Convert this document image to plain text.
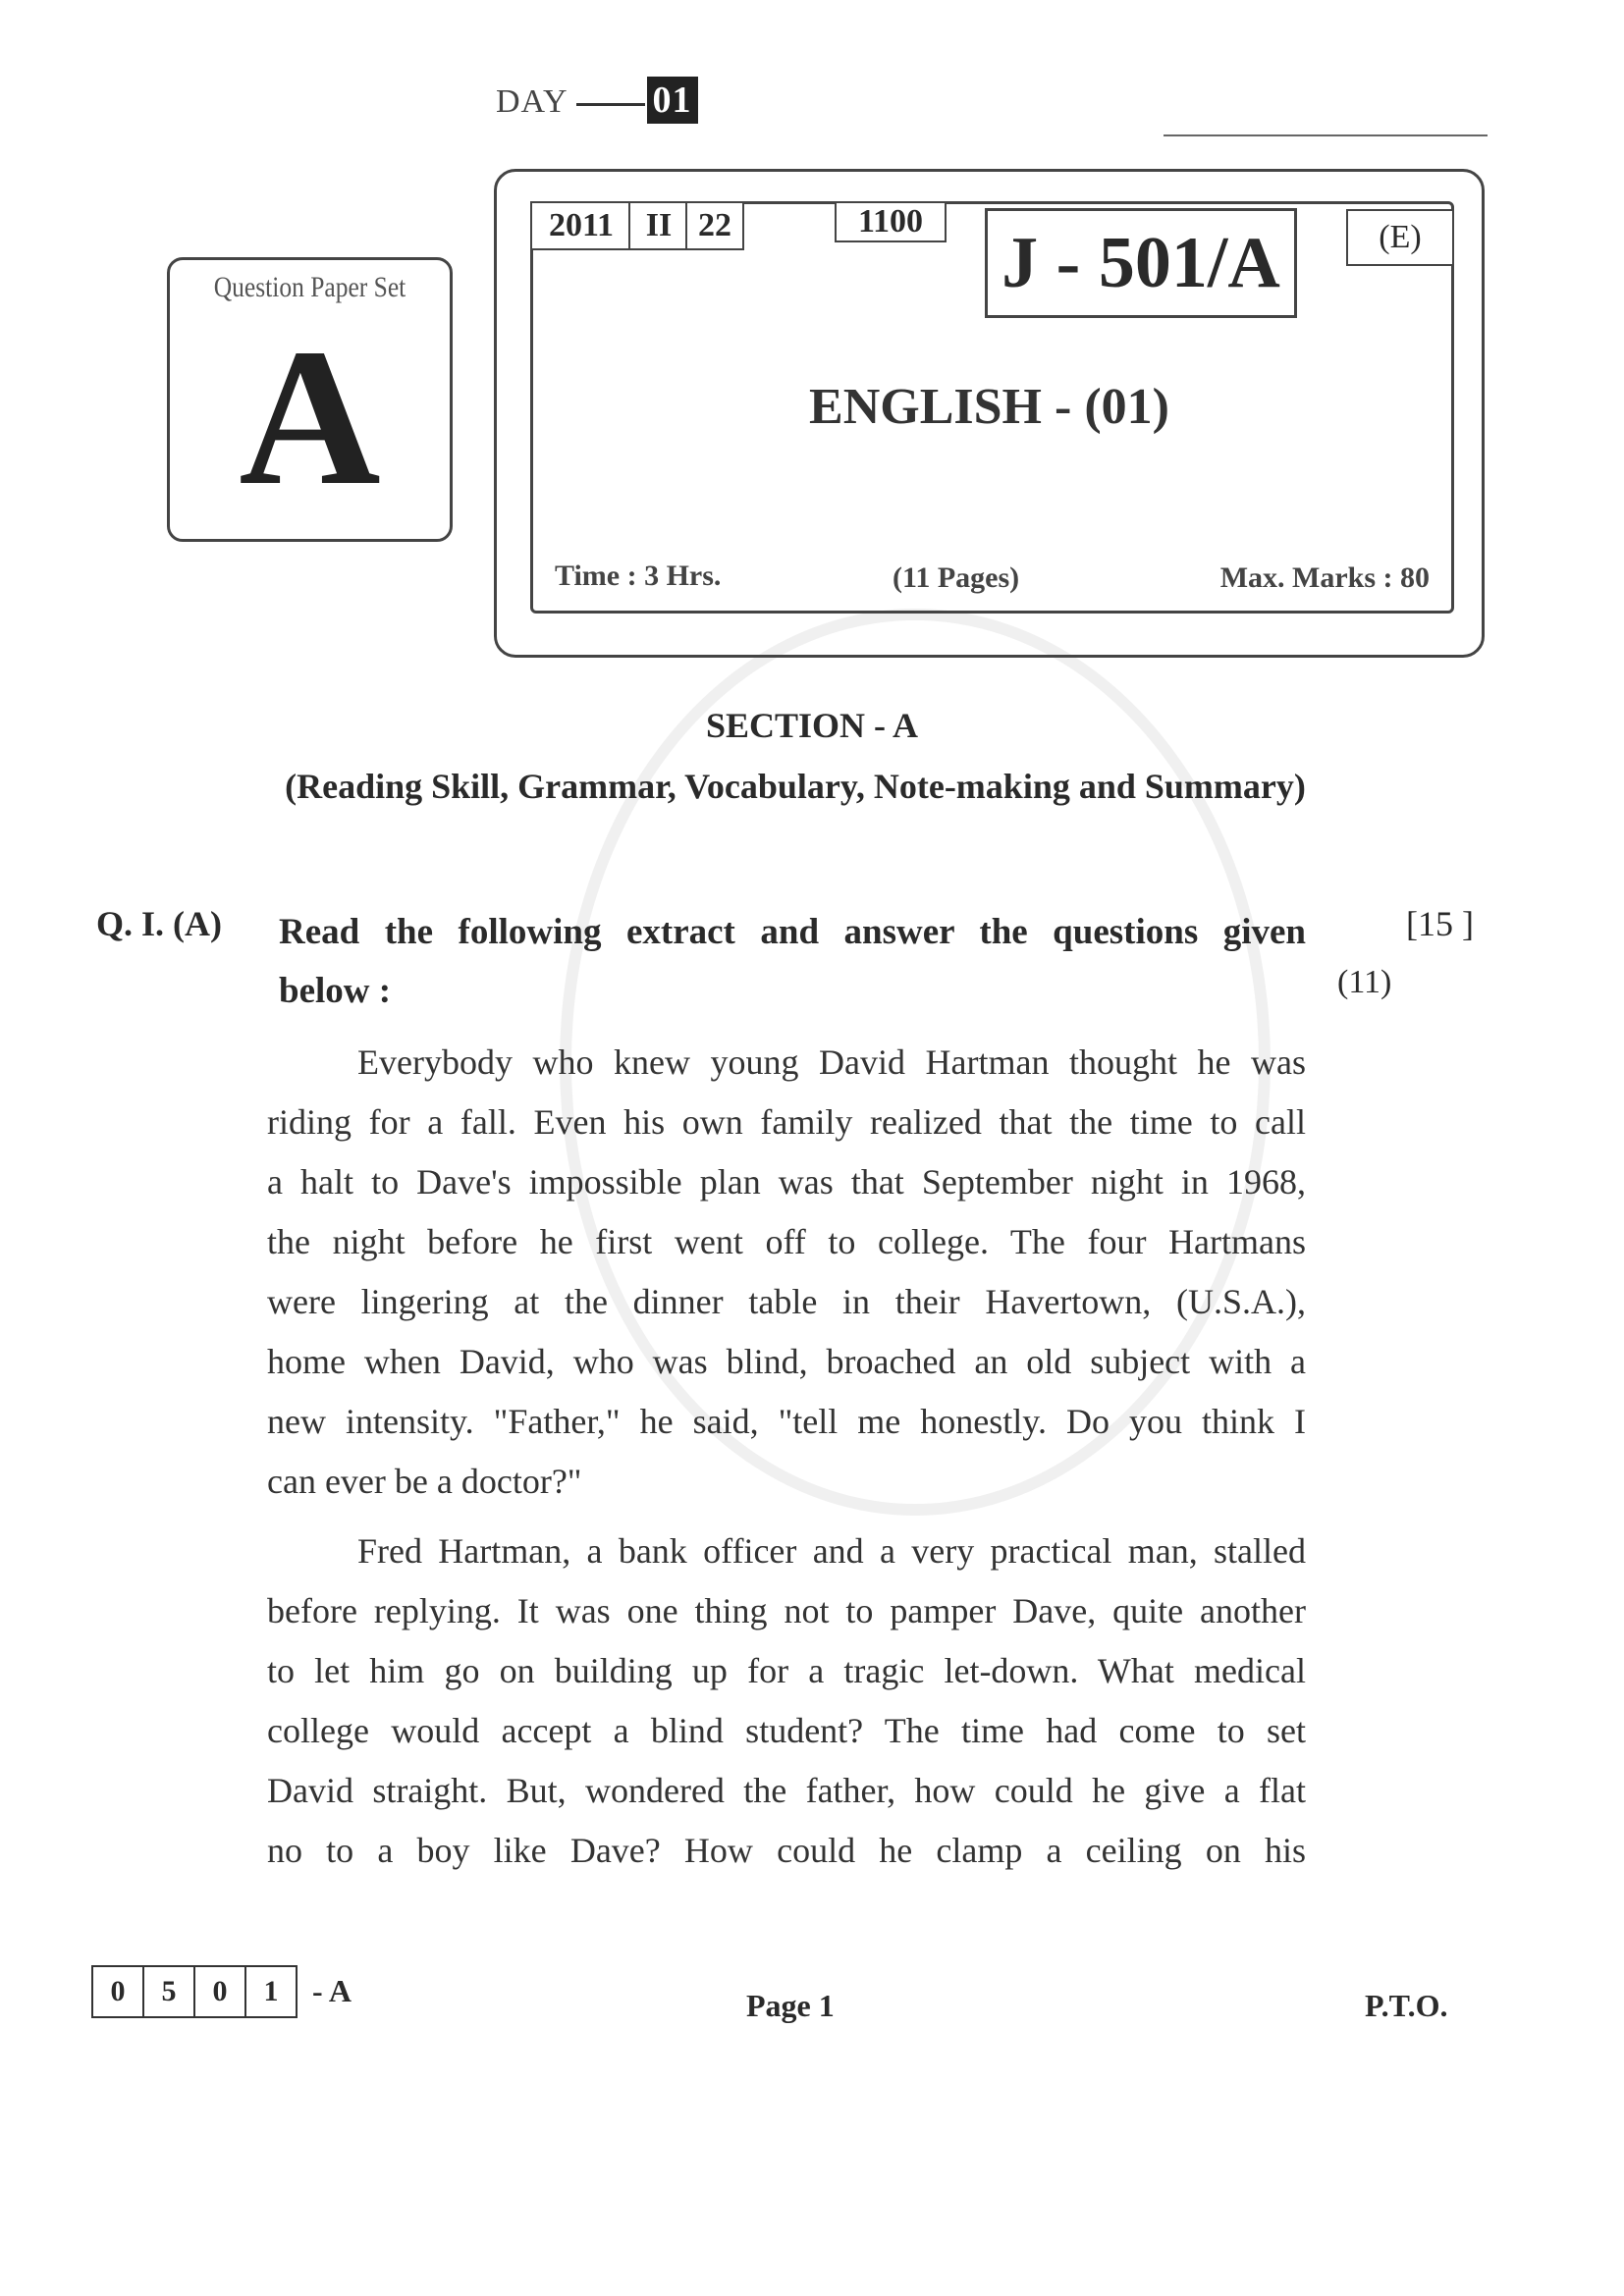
DAY 01
Question Paper Set
A
2011 II 22	1100	(E)
Time : 3 Hrs.	(11 Pages)	Max. Marks : 80
J - 501/A
ENGLISH - (01)
SECTION - A
(Reading Skill, Grammar, Vocabulary, Note-making and Summary)
Q. I. (A) Read the following extract and answer the questions given
below :
[15 ]
(11)
Everybody who knew young David Hartman thought he was
riding for a fall. Even his own family realized that the time to call
a halt to Dave's impossible plan was that September night in 1968,
the night before he first went off to college. The four Hartmans
were lingering at the dinner table in their Havertown, (U.S.A.),
home when David, who was blind, broached an old subject with a
new intensity. "Father," he said, "tell me honestly. Do you think I
can ever be a doctor?"
Fred Hartman, a bank officer and a very practical man, stalled
before replying. It was one thing not to pamper Dave, quite another
to let him go on building up for a tragic let-down. What medical
college would accept a blind student? The time had come to set
David straight. But, wondered the father, how could he give a flat
no to a boy like Dave? How could he clamp a ceiling on his
0	5	0	1	- A	Page 1	P.T.O.
